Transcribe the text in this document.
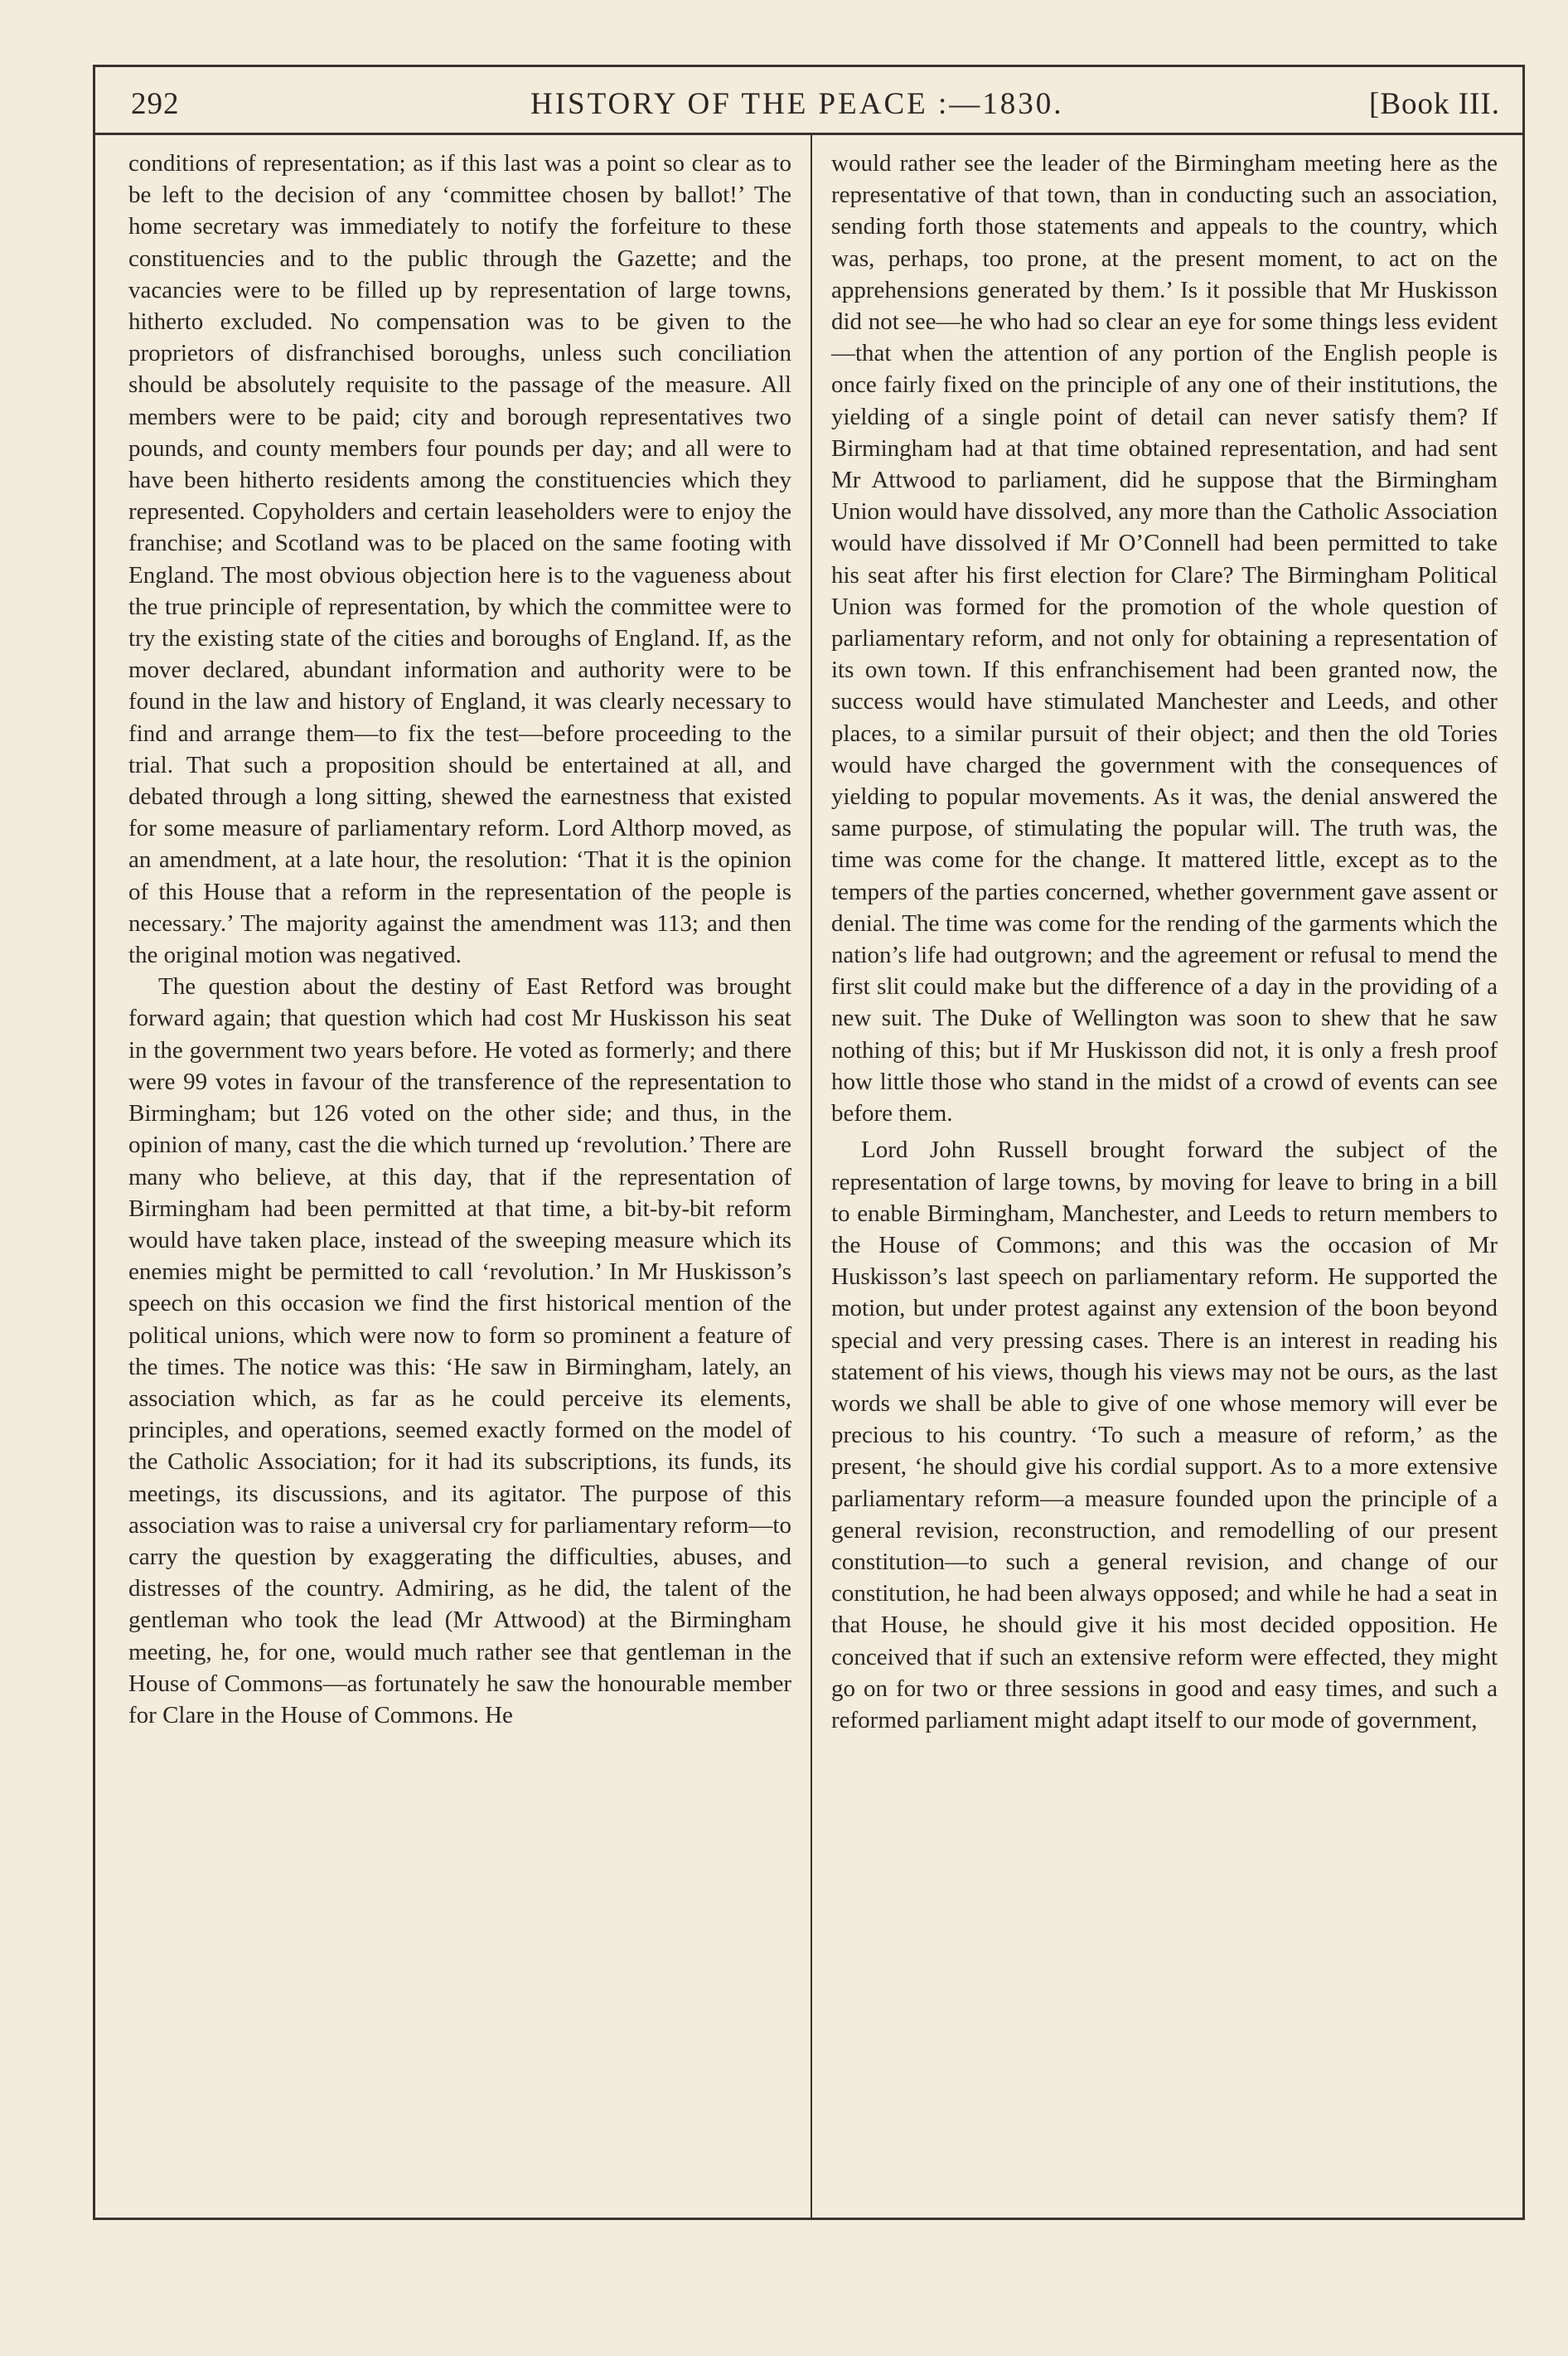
292	HISTORY OF THE PEACE :—1830.	[Book III.

conditions of representation; as if this last was a point so clear as to be left to the decision of any ‘committee chosen by ballot!’ The home secretary was immediately to notify the forfeiture to these constituencies and to the public through the Gazette; and the vacancies were to be filled up by representation of large towns, hitherto excluded. No compensation was to be given to the proprietors of disfranchised boroughs, unless such conciliation should be absolutely requisite to the passage of the measure. All members were to be paid; city and borough representatives two pounds, and county members four pounds per day; and all were to have been hitherto residents among the constituencies which they represented. Copyholders and certain leaseholders were to enjoy the franchise; and Scotland was to be placed on the same footing with England. The most obvious objection here is to the vagueness about the true principle of representation, by which the committee were to try the existing state of the cities and boroughs of England. If, as the mover declared, abundant information and authority were to be found in the law and history of England, it was clearly necessary to find and arrange them—to fix the test—before proceeding to the trial. That such a proposition should be entertained at all, and debated through a long sitting, shewed the earnestness that existed for some measure of parliamentary reform. Lord Althorp moved, as an amendment, at a late hour, the resolution: ‘That it is the opinion of this House that a reform in the representation of the people is necessary.’ The majority against the amendment was 113; and then the original motion was negatived.

The question about the destiny of East Retford was brought forward again; that question which had cost Mr Huskisson his seat in the government two years before. He voted as formerly; and there were 99 votes in favour of the transference of the representation to Birmingham; but 126 voted on the other side; and thus, in the opinion of many, cast the die which turned up ‘revolution.’ There are many who believe, at this day, that if the representation of Birmingham had been permitted at that time, a bit-by-bit reform would have taken place, instead of the sweeping measure which its enemies might be permitted to call ‘revolution.’ In Mr Huskisson’s speech on this occasion we find the first historical mention of the political unions, which were now to form so prominent a feature of the times. The notice was this: ‘He saw in Birmingham, lately, an association which, as far as he could perceive its elements, principles, and operations, seemed exactly formed on the model of the Catholic Association; for it had its subscriptions, its funds, its meetings, its discussions, and its agitator. The purpose of this association was to raise a universal cry for parliamentary reform—to carry the question by exaggerating the difficulties, abuses, and distresses of the country. Admiring, as he did, the talent of the gentleman who took the lead (Mr Attwood) at the Birmingham meeting, he, for one, would much rather see that gentleman in the House of Commons—as fortunately he saw the honourable member for Clare in the House of Commons. He

would rather see the leader of the Birmingham meeting here as the representative of that town, than in conducting such an association, sending forth those statements and appeals to the country, which was, perhaps, too prone, at the present moment, to act on the apprehensions generated by them.’ Is it possible that Mr Huskisson did not see—he who had so clear an eye for some things less evident—that when the attention of any portion of the English people is once fairly fixed on the principle of any one of their institutions, the yielding of a single point of detail can never satisfy them? If Birmingham had at that time obtained representation, and had sent Mr Attwood to parliament, did he suppose that the Birmingham Union would have dissolved, any more than the Catholic Association would have dissolved if Mr O’Connell had been permitted to take his seat after his first election for Clare? The Birmingham Political Union was formed for the promotion of the whole question of parliamentary reform, and not only for obtaining a representation of its own town. If this enfranchisement had been granted now, the success would have stimulated Manchester and Leeds, and other places, to a similar pursuit of their object; and then the old Tories would have charged the government with the consequences of yielding to popular movements. As it was, the denial answered the same purpose, of stimulating the popular will. The truth was, the time was come for the change. It mattered little, except as to the tempers of the parties concerned, whether government gave assent or denial. The time was come for the rending of the garments which the nation’s life had outgrown; and the agreement or refusal to mend the first slit could make but the difference of a day in the providing of a new suit. The Duke of Wellington was soon to shew that he saw nothing of this; but if Mr Huskisson did not, it is only a fresh proof how little those who stand in the midst of a crowd of events can see before them.

Lord John Russell brought forward the subject of the representation of large towns, by moving for leave to bring in a bill to enable Birmingham, Manchester, and Leeds to return members to the House of Commons; and this was the occasion of Mr Huskisson’s last speech on parliamentary reform. He supported the motion, but under protest against any extension of the boon beyond special and very pressing cases. There is an interest in reading his statement of his views, though his views may not be ours, as the last words we shall be able to give of one whose memory will ever be precious to his country. ‘To such a measure of reform,’ as the present, ‘he should give his cordial support. As to a more extensive parliamentary reform—a measure founded upon the principle of a general revision, reconstruction, and remodelling of our present constitution—to such a general revision, and change of our constitution, he had been always opposed; and while he had a seat in that House, he should give it his most decided opposition. He conceived that if such an extensive reform were effected, they might go on for two or three sessions in good and easy times, and such a reformed parliament might adapt itself to our mode of government,
